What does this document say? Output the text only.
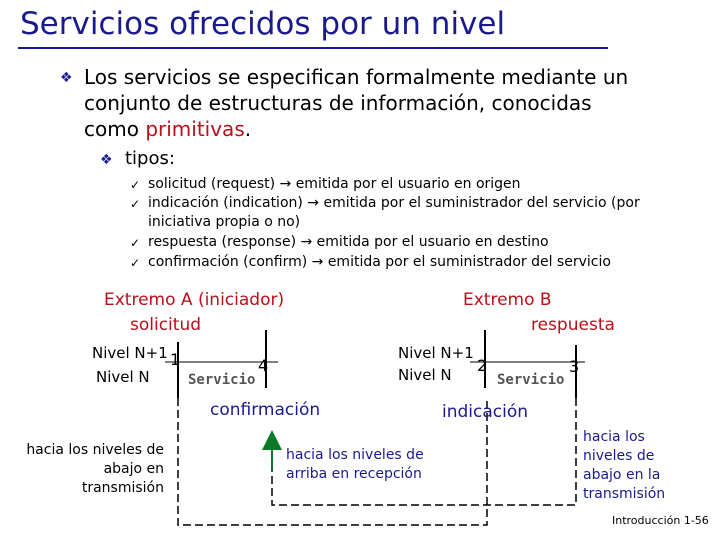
Servicios ofrecidos por un nivel
❖ Los servicios se especifican formalmente mediante un
conjunto de estructuras de información, conocidas
como primitivas.
❖ tipos:
✓ solicitud (request) → emitida por el usuario en origen
✓ indicación (indication) → emitida por el suministrador del servicio (por
iniciativa propia o no)
✓ respuesta (response) → emitida por el usuario en destino
✓ confirmación (confirm) → emitida por el suministrador del servicio
Extremo A (iniciador)
solicitud
Extremo B
respuesta
Nivel N+1
Nivel N
Nivel N+1
Nivel N
1	4	2	3
Servicio	Servicio
confirmación	indicación
hacia los niveles de
abajo en
transmisión
hacia los niveles de
arriba en recepción
hacia los
niveles de
abajo en la
transmisión
Introducción 1-56
